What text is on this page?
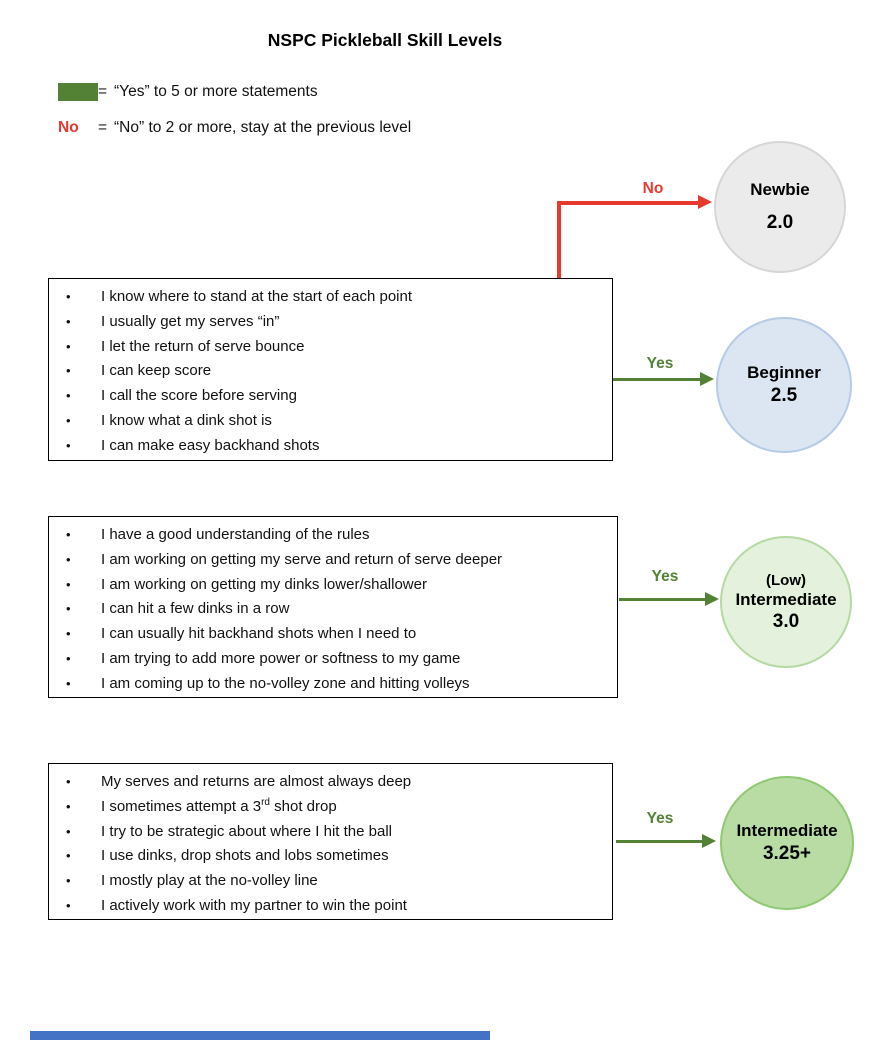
NSPC Pickleball Skill Levels
Yes = “Yes” to 5 or more statements
No	= “No” to 2 or more, stay at the previous level
No
Yes
Yes
Yes
•	I know where to stand at the start of each point
•	I usually get my serves “in”
•	I let the return of serve bounce
•	I can keep score
•	I call the score before serving
•	I know what a dink shot is
•	I can make easy backhand shots
•	I have a good understanding of the rules
•	I am working on getting my serve and return of serve deeper
•	I am working on getting my dinks lower/shallower
•	I can hit a few dinks in a row
•	I can usually hit backhand shots when I need to
•	I am trying to add more power or softness to my game
•	I am coming up to the no-volley zone and hitting volleys
•	My serves and returns are almost always deep
•	I sometimes attempt a 3rd shot drop
•	I try to be strategic about where I hit the ball
•	I use dinks, drop shots and lobs sometimes
•	I mostly play at the no-volley line
•	I actively work with my partner to win the point
Newbie
2.0
Beginner
2.5
(Low)
Intermediate
3.0
Intermediate
3.25+
